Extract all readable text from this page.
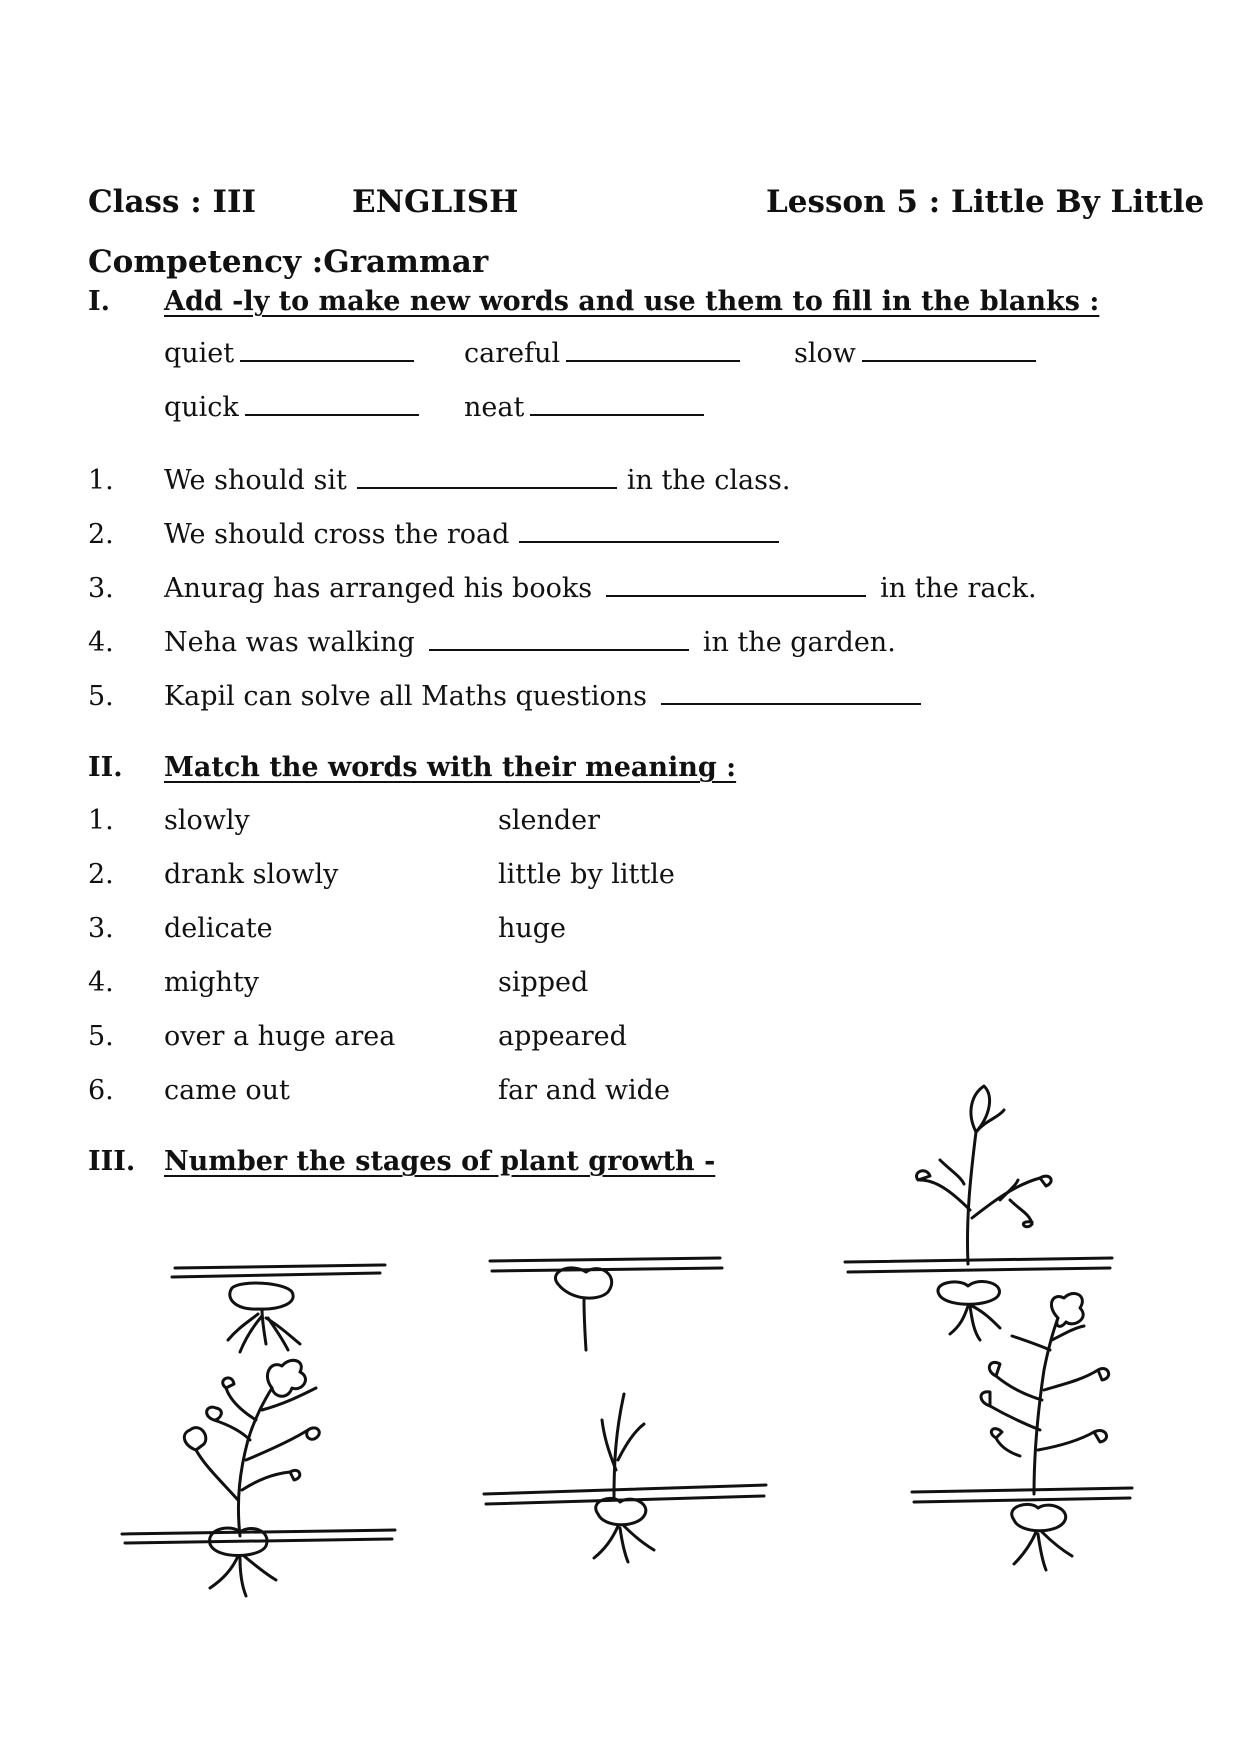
Class : III	ENGLISH	Lesson 5 : Little By Little
Competency :Grammar
I. Add -ly to make new words and use them to fill in the blanks :
quiet	careful	slow
quick	neat
1. We should sit	in the class.
2. We should cross the road
3. Anurag has arranged his books	in the rack.
4. Neha was walking	in the garden.
5. Kapil can solve all Maths questions
II. Match the words with their meaning :
1. slowly	slender
2. drank slowly	little by little
3. delicate	huge
4. mighty	sipped
5. over a huge area	appeared
6. came out	far and wide
III. Number the stages of plant growth -
